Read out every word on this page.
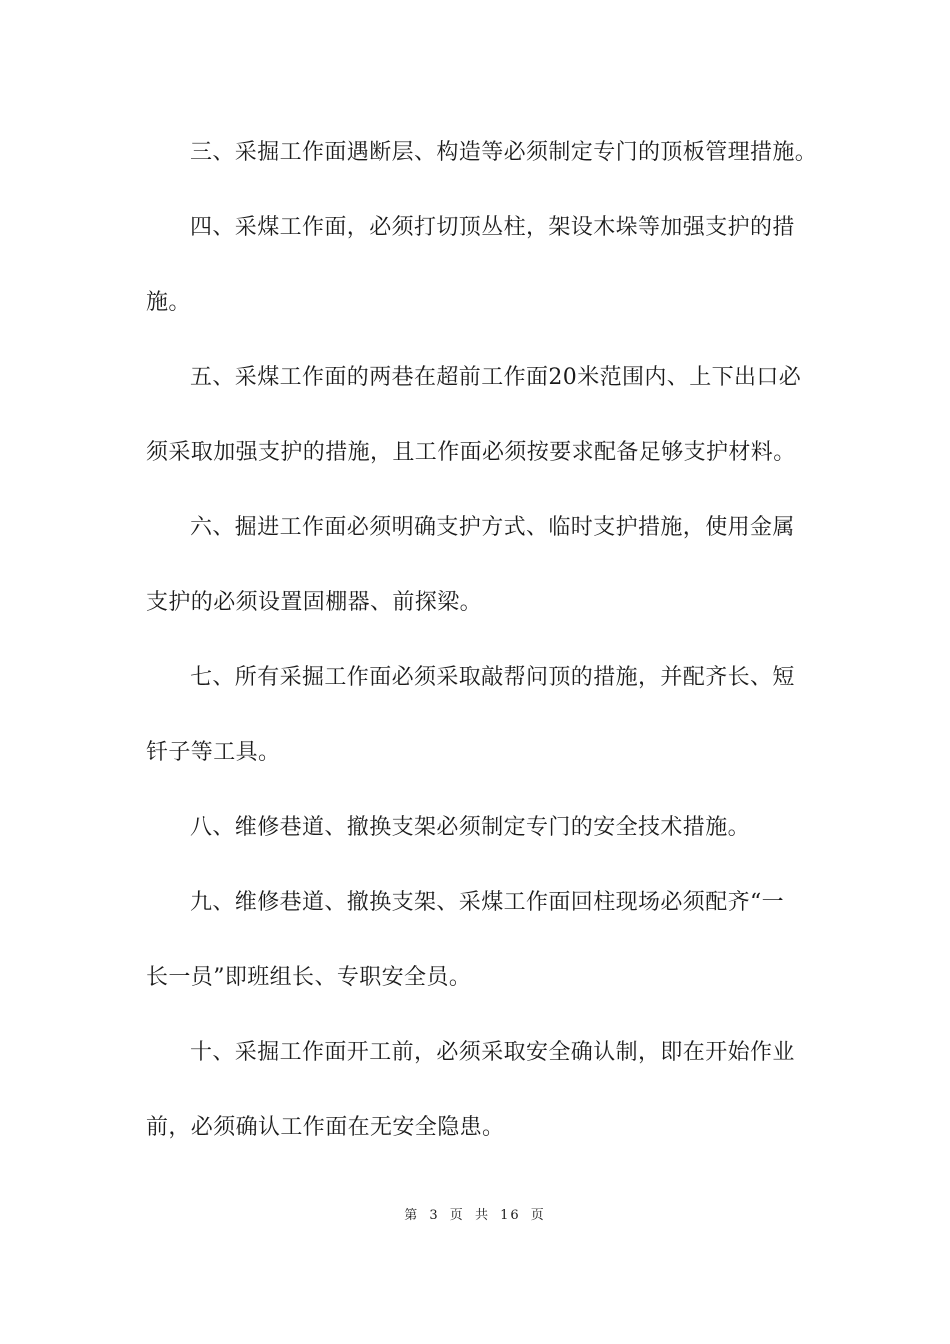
三、采掘工作面遇断层、构造等必须制定专门的顶板管理措施。
四、采煤工作面，必须打切顶丛柱，架设木垛等加强支护的措
施。
五、采煤工作面的两巷在超前工作面20米范围内、上下出口必
须采取加强支护的措施，且工作面必须按要求配备足够支护材料。
六、掘进工作面必须明确支护方式、临时支护措施，使用金属
支护的必须设置固棚器、前探梁。
七、所有采掘工作面必须采取敲帮问顶的措施，并配齐长、短
钎子等工具。
八、维修巷道、撤换支架必须制定专门的安全技术措施。
九、维修巷道、撤换支架、采煤工作面回柱现场必须配齐“一
长一员”即班组长、专职安全员。
十、采掘工作面开工前，必须采取安全确认制，即在开始作业
前，必须确认工作面在无安全隐患。
第 3 页 共 16 页
